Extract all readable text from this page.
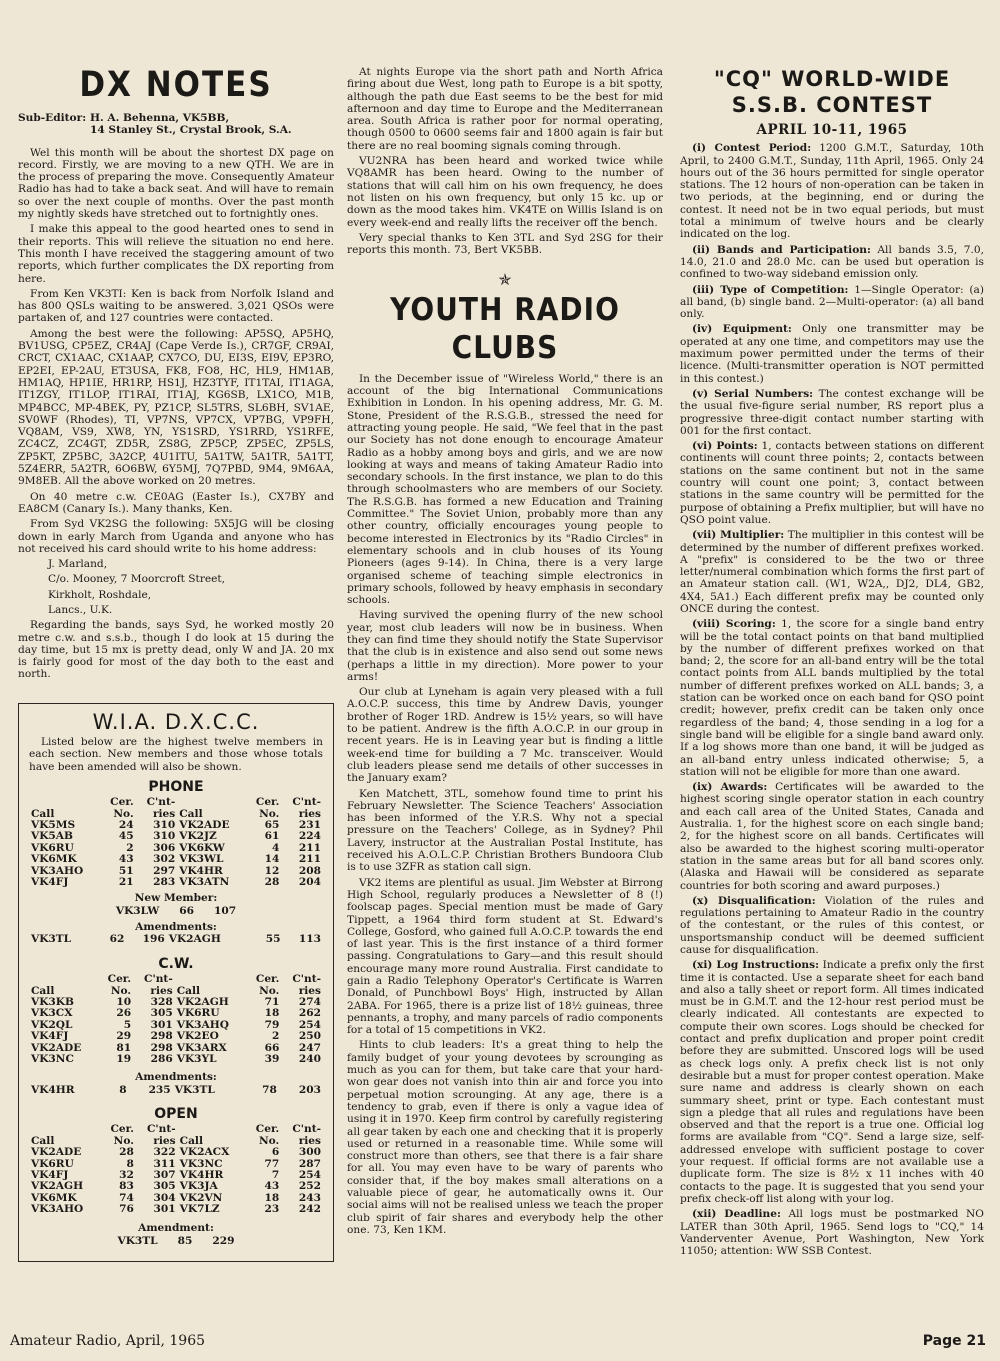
DX NOTES
Sub-Editor: H. A. Behenna, VK5BB,
14 Stanley St., Crystal Brook, S.A.

Wel this month will be about the shortest DX page on record. Firstly, we are moving to a new QTH. We are in the process of preparing the move. Consequently Amateur Radio has had to take a back seat. And will have to remain so over the next couple of months. Over the past month my nightly skeds have stretched out to fortnightly ones.

I make this appeal to the good hearted ones to send in their reports. This will relieve the situation no end here. This month I have received the staggering amount of two reports, which further complicates the DX reporting from here.

From Ken VK3TI: Ken is back from Norfolk Island and has 800 QSLs waiting to be answered. 3,021 QSOs were partaken of, and 127 countries were contacted.

Among the best were the following: AP5SQ, AP5HQ, BV1USG, CP5EZ, CR4AJ (Cape Verde Is.), CR7GF, CR9AI, CRCT, CX1AAC, CX1AAP, CX7CO, DU, EI3S, EI9V, EP3RO, EP2EI, EP-2AU, ET3USA, FK8, FO8, HC, HL9, HM1AB, HM1AQ, HP1IE, HR1RP, HS1J, HZ3TYF, IT1TAI, IT1AGA, IT1ZGY, IT1LOP, IT1RAI, IT1AJ, KG6SB, LX1CO, M1B, MP4BCC, MP-4BEK, PY, PZ1CP, SL5TRS, SL6BH, SV1AE, SV0WF (Rhodes), TI, VP7NS, VP7CX, VP7BG, VP9FH, VQ8AM, VS9, XW8, YN, YS1SRD, YS1RRD, YS1RFE, ZC4CZ, ZC4GT, ZD5R, ZS8G, ZP5CP, ZP5EC, ZP5LS, ZP5KT, ZP5BC, 3A2CP, 4U1ITU, 5A1TW, 5A1TR, 5A1TT, 5Z4ERR, 5A2TR, 6O6BW, 6Y5MJ, 7Q7PBD, 9M4, 9M6AA, 9M8EB. All the above worked on 20 metres.

On 40 metre c.w. CE0AG (Easter Is.), CX7BY and EA8CM (Canary Is.). Many thanks, Ken.

From Syd VK2SG the following: 5X5JG will be closing down in early March from Uganda and anyone who has not received his card should write to his home address:

J. Marland,
C/o. Mooney, 7 Moorcroft Street,
Kirkholt, Roshdale,
Lancs., U.K.

Regarding the bands, says Syd, he worked mostly 20 metre c.w. and s.s.b., though I do look at 15 during the day time, but 15 mx is pretty dead, only W and JA. 20 mx is fairly good for most of the day both to the east and north.

W.I.A. D.X.C.C.
Listed below are the highest twelve members in each section. New members and those whose totals have been amended will also be shown.
PHONE
	Cer.	C'nt-		Cer.	C'nt-
Call	No.	ries	Call	No.	ries
VK5MS	24	310	VK2ADE	65	231
VK5AB	45	310	VK2JZ	61	224
VK6RU	2	306	VK6KW	4	211
VK6MK	43	302	VK3WL	14	211
VK3AHO	51	297	VK4HR	12	208
VK4FJ	21	283	VK3ATN	28	204
New Member:
VK3LW 66 107
Amendments:
VK3TL	62	196	VK2AGH	55	113
C.W.
	Cer.	C'nt-		Cer.	C'nt-
Call	No.	ries	Call	No.	ries
VK3KB	10	328	VK2AGH	71	274
VK3CX	26	305	VK6RU	18	262
VK2QL	5	301	VK3AHQ	79	254
VK4FJ	29	298	VK2EO	2	250
VK2ADE	81	298	VK3ARX	66	247
VK3NC	19	286	VK3YL	39	240
Amendments:
VK4HR	8	235	VK3TL	78	203
OPEN
	Cer.	C'nt-		Cer.	C'nt-
Call	No.	ries	Call	No.	ries
VK2ADE	28	322	VK2ACX	6	300
VK6RU	8	311	VK3NC	77	287
VK4FJ	32	307	VK4HR	7	254
VK2AGH	83	305	VK3JA	43	252
VK6MK	74	304	VK2VN	18	243
VK3AHO	76	301	VK7LZ	23	242
Amendment:
VK3TL 85 229

At nights Europe via the short path and North Africa firing about due West, long path to Europe is a bit spotty, although the path due East seems to be the best for mid afternoon and day time to Europe and the Mediterranean area. South Africa is rather poor for normal operating, though 0500 to 0600 seems fair and 1800 again is fair but there are no real booming signals coming through.

VU2NRA has been heard and worked twice while VQ8AMR has been heard. Owing to the number of stations that will call him on his own frequency, he does not listen on his own frequency, but only 15 kc. up or down as the mood takes him. VK4TE on Willis Island is on every week-end and really lifts the receiver off the bench.

Very special thanks to Ken 3TL and Syd 2SG for their reports this month. 73, Bert VK5BB.

✯
YOUTH RADIO CLUBS

In the December issue of "Wireless World," there is an account of the big International Communications Exhibition in London. In his opening address, Mr. G. M. Stone, President of the R.S.G.B., stressed the need for attracting young people. He said, "We feel that in the past our Society has not done enough to encourage Amateur Radio as a hobby among boys and girls, and we are now looking at ways and means of taking Amateur Radio into secondary schools. In the first instance, we plan to do this through schoolmasters who are members of our Society. The R.S.G.B. has formed a new Education and Training Committee." The Soviet Union, probably more than any other country, officially encourages young people to become interested in Electronics by its "Radio Circles" in elementary schools and in club houses of its Young Pioneers (ages 9-14). In China, there is a very large organised scheme of teaching simple electronics in primary schools, followed by heavy emphasis in secondary schools.

Having survived the opening flurry of the new school year, most club leaders will now be in business. When they can find time they should notify the State Supervisor that the club is in existence and also send out some news (perhaps a little in my direction). More power to your arms!

Our club at Lyneham is again very pleased with a full A.O.C.P. success, this time by Andrew Davis, younger brother of Roger 1RD. Andrew is 15½ years, so will have to be patient. Andrew is the fifth A.O.C.P. in our group in recent years. He is in Leaving year but is finding a little week-end time for building a 7 Mc. transceiver. Would club leaders please send me details of other successes in the January exam?

Ken Matchett, 3TL, somehow found time to print his February Newsletter. The Science Teachers' Association has been informed of the Y.R.S. Why not a special pressure on the Teachers' College, as in Sydney? Phil Lavery, instructor at the Australian Postal Institute, has received his A.O.L.C.P. Christian Brothers Bundoora Club is to use 3ZFR as station call sign.

VK2 items are plentiful as usual. Jim Webster at Birrong High School, regularly produces a Newsletter of 8 (!) foolscap pages. Special mention must be made of Gary Tippett, a 1964 third form student at St. Edward's College, Gosford, who gained full A.O.C.P. towards the end of last year. This is the first instance of a third former passing. Congratulations to Gary—and this result should encourage many more round Australia. First candidate to gain a Radio Telephony Operator's Certificate is Warren Donald, of Punchbowl Boys' High, instructed by Allan 2ABA. For 1965, there is a prize list of 18½ guineas, three pennants, a trophy, and many parcels of radio components for a total of 15 competitions in VK2.

Hints to club leaders: It's a great thing to help the family budget of your young devotees by scrounging as much as you can for them, but take care that your hard-won gear does not vanish into thin air and force you into perpetual motion scrounging. At any age, there is a tendency to grab, even if there is only a vague idea of using it in 1970. Keep firm control by carefully registering all gear taken by each one and checking that it is properly used or returned in a reasonable time. While some will construct more than others, see that there is a fair share for all. You may even have to be wary of parents who consider that, if the boy makes small alterations on a valuable piece of gear, he automatically owns it. Our social aims will not be realised unless we teach the proper club spirit of fair shares and everybody help the other one. 73, Ken 1KM.

"CQ" WORLD-WIDE
S.S.B. CONTEST
APRIL 10-11, 1965
(i) Contest Period: 1200 G.M.T., Saturday, 10th April, to 2400 G.M.T., Sunday, 11th April, 1965. Only 24 hours out of the 36 hours permitted for single operator stations. The 12 hours of non-operation can be taken in two periods, at the beginning, end or during the contest. It need not be in two equal periods, but must total a minimum of twelve hours and be clearly indicated on the log.
(ii) Bands and Participation: All bands 3.5, 7.0, 14.0, 21.0 and 28.0 Mc. can be used but operation is confined to two-way sideband emission only.
(iii) Type of Competition: 1—Single Operator: (a) all band, (b) single band. 2—Multi-operator: (a) all band only.
(iv) Equipment: Only one transmitter may be operated at any one time, and competitors may use the maximum power permitted under the terms of their licence. (Multi-transmitter operation is NOT permitted in this contest.)
(v) Serial Numbers: The contest exchange will be the usual five-figure serial number, RS report plus a progressive three-digit contact number starting with 001 for the first contact.
(vi) Points: 1, contacts between stations on different continents will count three points; 2, contacts between stations on the same continent but not in the same country will count one point; 3, contact between stations in the same country will be permitted for the purpose of obtaining a Prefix multiplier, but will have no QSO point value.
(vii) Multiplier: The multiplier in this contest will be determined by the number of different prefixes worked. A "prefix" is considered to be the two or three letter/numeral combination which forms the first part of an Amateur station call. (W1, W2A,, DJ2, DL4, GB2, 4X4, 5A1.) Each different prefix may be counted only ONCE during the contest.
(viii) Scoring: 1, the score for a single band entry will be the total contact points on that band multiplied by the number of different prefixes worked on that band; 2, the score for an all-band entry will be the total contact points from ALL bands multiplied by the total number of different prefixes worked on ALL bands; 3, a station can be worked once on each band for QSO point credit; however, prefix credit can be taken only once regardless of the band; 4, those sending in a log for a single band will be eligible for a single band award only. If a log shows more than one band, it will be judged as an all-band entry unless indicated otherwise; 5, a station will not be eligible for more than one award.
(ix) Awards: Certificates will be awarded to the highest scoring single operator station in each country and each call area of the United States, Canada and Australia. 1, for the highest score on each single band; 2, for the highest score on all bands. Certificates will also be awarded to the highest scoring multi-operator station in the same areas but for all band scores only. (Alaska and Hawaii will be considered as separate countries for both scoring and award purposes.)
(x) Disqualification: Violation of the rules and regulations pertaining to Amateur Radio in the country of the contestant, or the rules of this contest, or unsportsmanship conduct will be deemed sufficient cause for disqualification.
(xi) Log Instructions: Indicate a prefix only the first time it is contacted. Use a separate sheet for each band and also a tally sheet or report form. All times indicated must be in G.M.T. and the 12-hour rest period must be clearly indicated. All contestants are expected to compute their own scores. Logs should be checked for contact and prefix duplication and proper point credit before they are submitted. Unscored logs will be used as check logs only. A prefix check list is not only desirable but a must for proper contest operation. Make sure name and address is clearly shown on each summary sheet, print or type. Each contestant must sign a pledge that all rules and regulations have been observed and that the report is a true one. Official log forms are available from "CQ". Send a large size, self-addressed envelope with sufficient postage to cover your request. If official forms are not available use a duplicate form. The size is 8½ x 11 inches with 40 contacts to the page. It is suggested that you send your prefix check-off list along with your log.
(xii) Deadline: All logs must be postmarked NO LATER than 30th April, 1965. Send logs to "CQ," 14 Vanderventer Avenue, Port Washington, New York 11050; attention: WW SSB Contest.
Amateur Radio, April, 1965	Page 21
